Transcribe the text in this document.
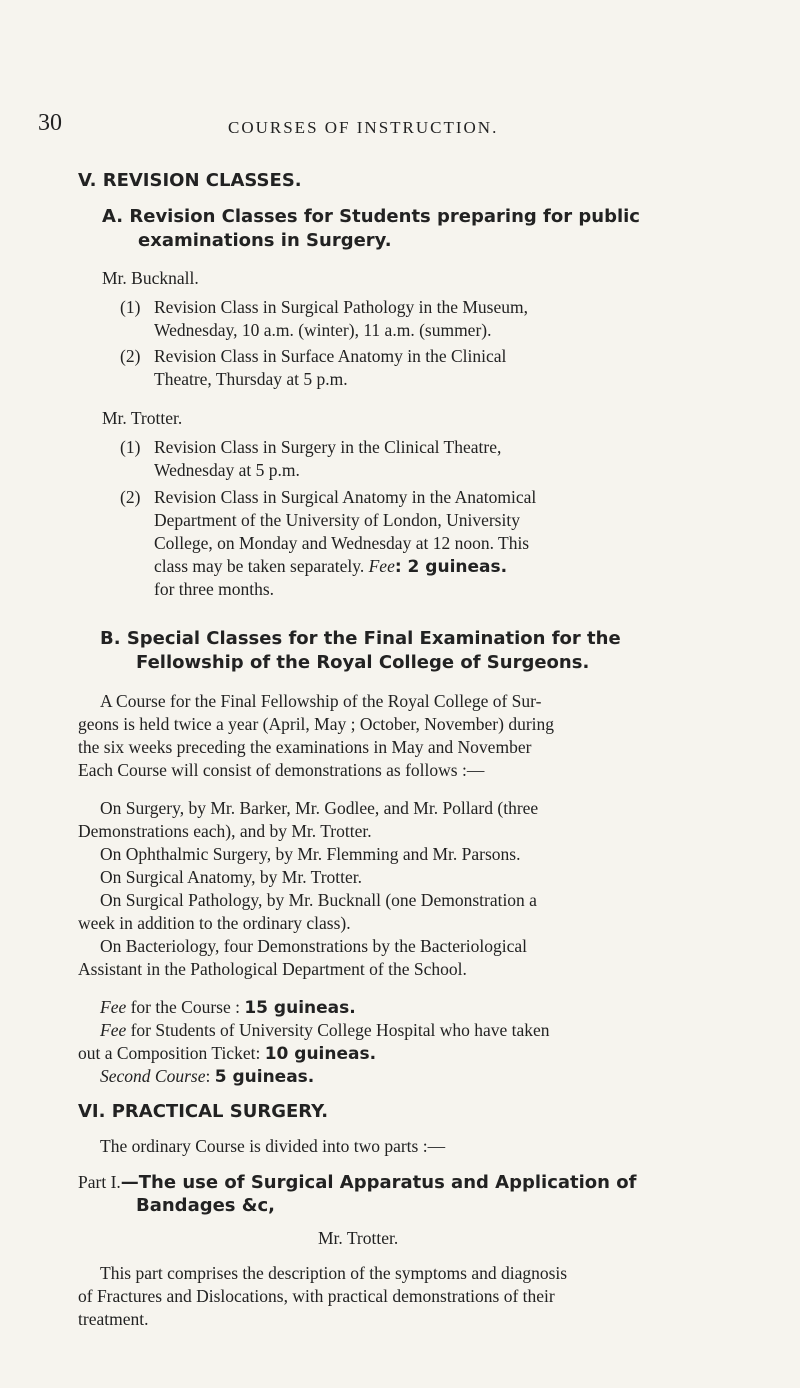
30	COURSES OF INSTRUCTION.
V. REVISION CLASSES.
A. Revision Classes for Students preparing for public
examinations in Surgery.
Mr. Bucknall.
(1) Revision Class in Surgical Pathology in the Museum,
Wednesday, 10 a.m. (winter), 11 a.m. (summer).
(2) Revision Class in Surface Anatomy in the Clinical
Theatre, Thursday at 5 p.m.
Mr. Trotter.
(1) Revision Class in Surgery in the Clinical Theatre,
Wednesday at 5 p.m.
(2) Revision Class in Surgical Anatomy in the Anatomical
Department of the University of London, University
College, on Monday and Wednesday at 12 noon. This
class may be taken separately. Fee: 2 guineas.
for three months.
B. Special Classes for the Final Examination for the
Fellowship of the Royal College of Surgeons.
A Course for the Final Fellowship of the Royal College of Sur-
geons is held twice a year (April, May ; October, November) during
the six weeks preceding the examinations in May and November
Each Course will consist of demonstrations as follows :—
On Surgery, by Mr. Barker, Mr. Godlee, and Mr. Pollard (three
Demonstrations each), and by Mr. Trotter.
On Ophthalmic Surgery, by Mr. Flemming and Mr. Parsons.
On Surgical Anatomy, by Mr. Trotter.
On Surgical Pathology, by Mr. Bucknall (one Demonstration a
week in addition to the ordinary class).
On Bacteriology, four Demonstrations by the Bacteriological
Assistant in the Pathological Department of the School.
Fee for the Course : 15 guineas.
Fee for Students of University College Hospital who have taken
out a Composition Ticket: 10 guineas.
Second Course: 5 guineas.
VI. PRACTICAL SURGERY.
The ordinary Course is divided into two parts :—
Part I.—The use of Surgical Apparatus and Application of
Bandages &c,
Mr. Trotter.
This part comprises the description of the symptoms and diagnosis
of Fractures and Dislocations, with practical demonstrations of their
treatment.
